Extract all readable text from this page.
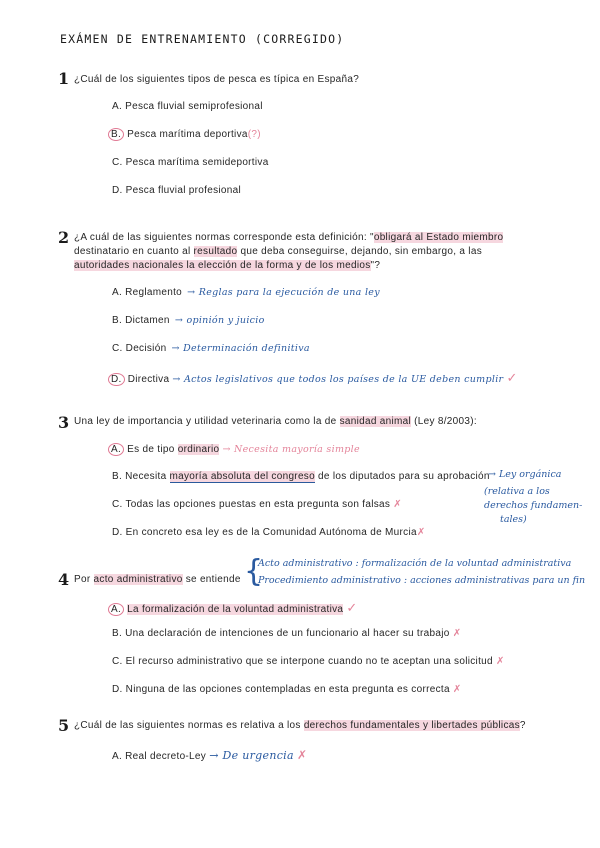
EXÁMEN DE ENTRENAMIENTO (CORREGIDO)
1 ¿Cuál de los siguientes tipos de pesca es típica en España?
A. Pesca fluvial semiprofesional
B. Pesca marítima deportiva(?)
C. Pesca marítima semideportiva
D. Pesca fluvial profesional
2 ¿A cuál de las siguientes normas corresponde esta definición: "obligará al Estado miembro
destinatario en cuanto al resultado que deba conseguirse, dejando, sin embargo, a las
autoridades nacionales la elección de la forma y de los medios"?
A. Reglamento → Reglas para la ejecución de una ley
B. Dictamen → opinión y juicio
C. Decisión → Determinación definitiva
D. Directiva → Actos legislativos que todos los países de la UE deben cumplir ✓
3 Una ley de importancia y utilidad veterinaria como la de sanidad animal (Ley 8/2003):
A. Es de tipo ordinario → Necesita mayoría simple
B. Necesita mayoría absoluta del congreso de los diputados para su aprobación
→ Ley orgánica
(relativa a los
derechos fundamen-
tales)
C. Todas las opciones puestas en esta pregunta son falsas ✗
D. En concreto esa ley es de la Comunidad Autónoma de Murcia✗
4 Por acto administrativo se entiende {
Acto administrativo : formalización de la voluntad administrativa
Procedimiento administrativo : acciones administrativas para un fin
A. La formalización de la voluntad administrativa ✓
B. Una declaración de intenciones de un funcionario al hacer su trabajo ✗
C. El recurso administrativo que se interpone cuando no te aceptan una solicitud ✗
D. Ninguna de las opciones contempladas en esta pregunta es correcta ✗
5 ¿Cuál de las siguientes normas es relativa a los derechos fundamentales y libertades públicas?
A. Real decreto-Ley → De urgencia ✗
